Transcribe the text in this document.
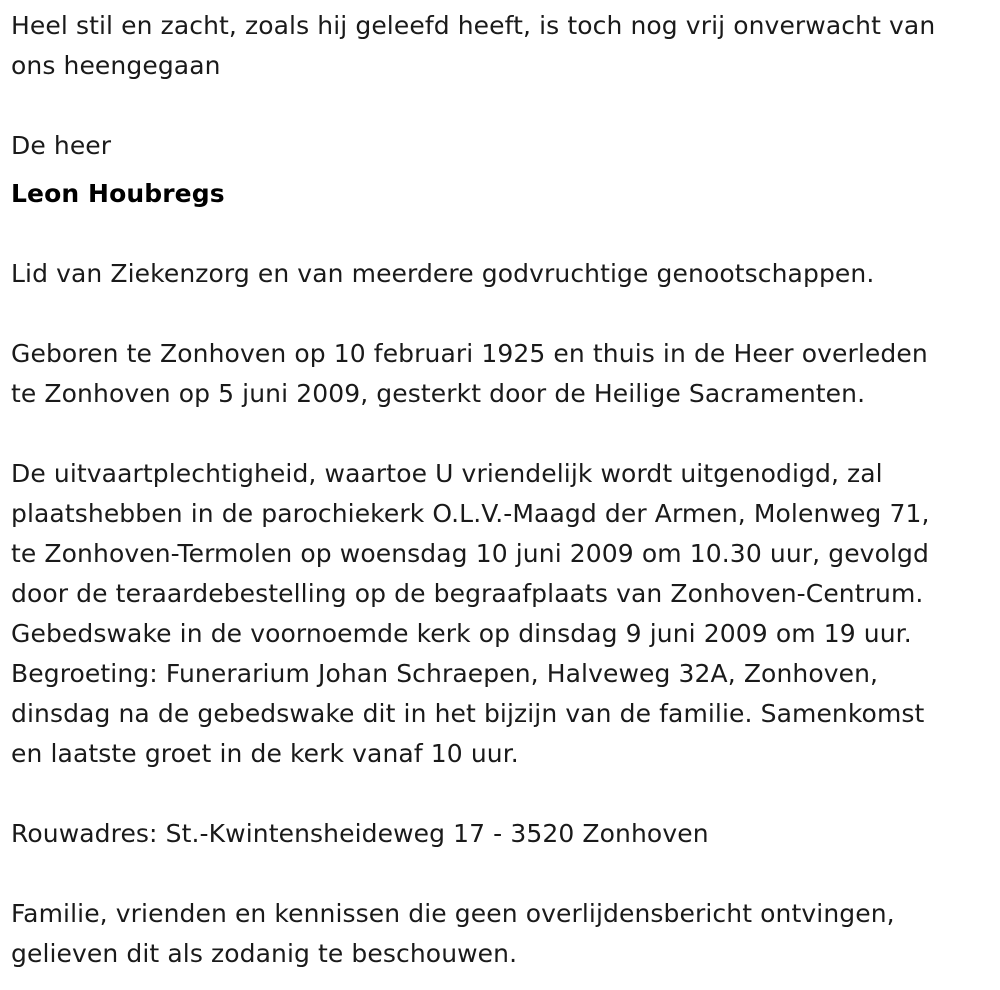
Heel stil en zacht, zoals hij geleefd heeft, is toch nog vrij onverwacht van

ons heengegaan

De heer

Leon Houbregs

Lid van Ziekenzorg en van meerdere godvruchtige genootschappen.

Geboren te Zonhoven op 10 februari 1925 en thuis in de Heer overleden

te Zonhoven op 5 juni 2009, gesterkt door de Heilige Sacramenten.

De uitvaartplechtigheid, waartoe U vriendelijk wordt uitgenodigd, zal

plaatshebben in de parochiekerk O.L.V.-Maagd der Armen, Molenweg 71,

te Zonhoven-Termolen op woensdag 10 juni 2009 om 10.30 uur, gevolgd

door de teraardebestelling op de begraafplaats van Zonhoven-Centrum.

Gebedswake in de voornoemde kerk op dinsdag 9 juni 2009 om 19 uur.

Begroeting: Funerarium Johan Schraepen, Halveweg 32A, Zonhoven,

dinsdag na de gebedswake dit in het bijzijn van de familie. Samenkomst

en laatste groet in de kerk vanaf 10 uur.

Rouwadres: St.-Kwintensheideweg 17 - 3520 Zonhoven

Familie, vrienden en kennissen die geen overlijdensbericht ontvingen,

gelieven dit als zodanig te beschouwen.
